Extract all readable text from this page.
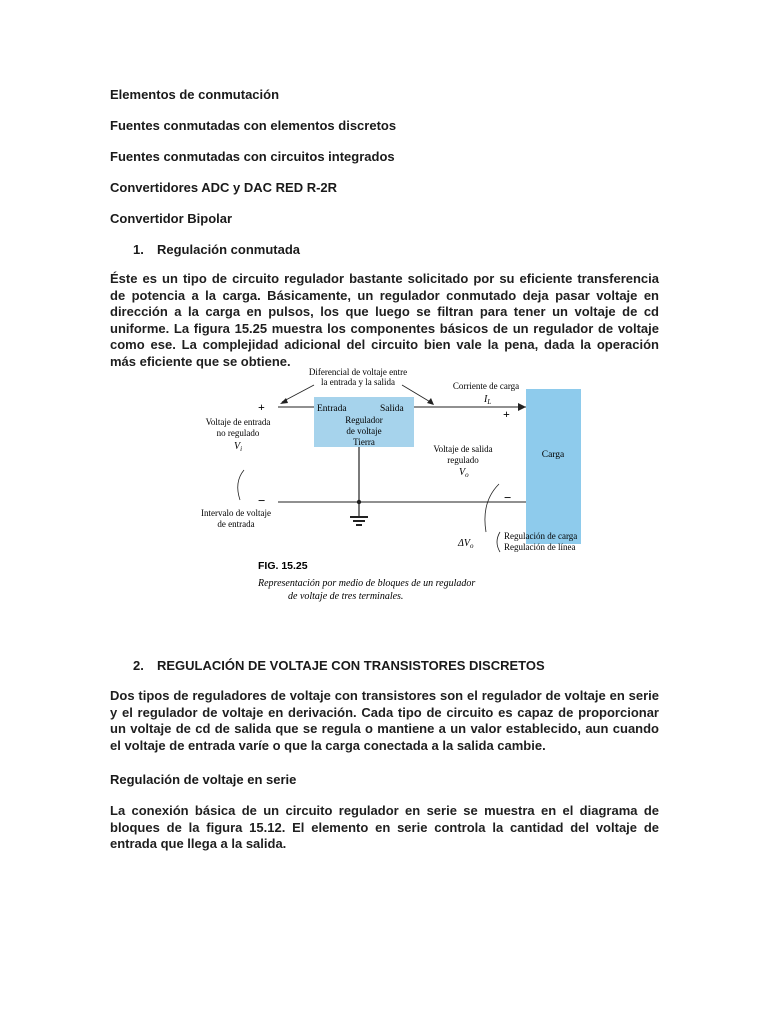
Elementos de conmutación
Fuentes conmutadas con elementos discretos
Fuentes conmutadas con circuitos integrados
Convertidores ADC y DAC RED R-2R
Convertidor Bipolar
1. Regulación conmutada
Éste es un tipo de circuito regulador bastante solicitado por su eficiente transferencia de potencia a la carga. Básicamente, un regulador conmutado deja pasar voltaje en dirección a la carga en pulsos, los que luego se filtran para tener un voltaje de cd uniforme. La figura 15.25 muestra los componentes básicos de un regulador de voltaje como ese. La complejidad adicional del circuito bien vale la pena, dada la operación más eficiente que se obtiene.
Entrada	Salida
Regulador
de voltaje
Tierra
Carga
Diferencial de voltaje entre
la entrada y la salida	Corriente de carga
$I_L$
+	+
−	−
Voltaje de entrada
no regulado
$V_i$	Voltaje de salida
regulado
$V_o$
Intervalo de voltaje
de entrada
$\Delta V_o$
Regulación de carga
Regulación de línea
FIG. 15.25
Representación por medio de bloques de un regulador
de voltaje de tres terminales.
2. REGULACIÓN DE VOLTAJE CON TRANSISTORES DISCRETOS
Dos tipos de reguladores de voltaje con transistores son el regulador de voltaje en serie y el regulador de voltaje en derivación. Cada tipo de circuito es capaz de proporcionar un voltaje de cd de salida que se regula o mantiene a un valor establecido, aun cuando el voltaje de entrada varíe o que la carga conectada a la salida cambie.
Regulación de voltaje en serie
La conexión básica de un circuito regulador en serie se muestra en el diagrama de bloques de la figura 15.12. El elemento en serie controla la cantidad del voltaje de entrada que llega a la salida.
